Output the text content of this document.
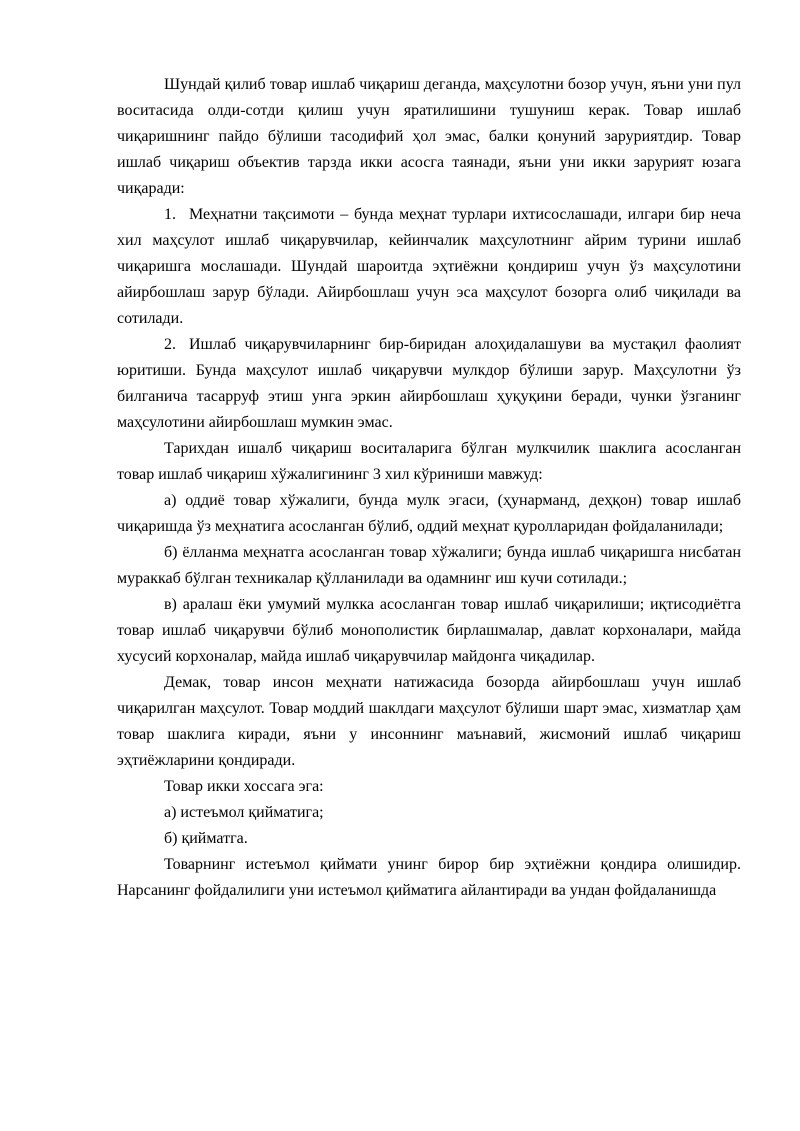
Шундай қилиб товар ишлаб чиқариш деганда, маҳсулотни бозор учун, яъни уни пул воситасида олди-сотди қилиш учун яратилишини тушуниш керак. Товар ишлаб чиқаришнинг пайдо бўлиши тасодифий ҳол эмас, балки қонуний заруриятдир. Товар ишлаб чиқариш объектив тарзда икки асосга таянади, яъни уни икки зарурият юзага чиқаради:

1. Меҳнатни тақсимоти – бунда меҳнат турлари ихтисослашади, илгари бир неча хил маҳсулот ишлаб чиқарувчилар, кейинчалик маҳсулотнинг айрим турини ишлаб чиқаришга мослашади. Шундай шароитда эҳтиёжни қондириш учун ўз маҳсулотини айирбошлаш зарур бўлади. Айирбошлаш учун эса маҳсулот бозорга олиб чиқилади ва сотилади.

2. Ишлаб чиқарувчиларнинг бир-биридан алоҳидалашуви ва мустақил фаолият юритиши. Бунда маҳсулот ишлаб чиқарувчи мулкдор бўлиши зарур. Маҳсулотни ўз билганича тасарруф этиш унга эркин айирбошлаш ҳуқуқини беради, чунки ўзганинг маҳсулотини айирбошлаш мумкин эмас.

Тарихдан ишалб чиқариш воситаларига бўлган мулкчилик шаклига асосланган товар ишлаб чиқариш хўжалигининг 3 хил кўриниши мавжуд:

а) оддиё товар хўжалиги, бунда мулк эгаси, (ҳунарманд, деҳқон) товар ишлаб чиқаришда ўз меҳнатига асосланган бўлиб, оддий меҳнат қуролларидан фойдаланилади;

б) ёлланма меҳнатга асосланган товар хўжалиги; бунда ишлаб чиқаришга нисбатан мураккаб бўлган техникалар қўлланилади ва одамнинг иш кучи сотилади.;

в) аралаш ёки умумий мулкка асосланган товар ишлаб чиқарилиши; иқтисодиётга товар ишлаб чиқарувчи бўлиб монополистик бирлашмалар, давлат корхоналари, майда хусусий корхоналар, майда ишлаб чиқарувчилар майдонга чиқадилар.

Демак, товар инсон меҳнати натижасида бозорда айирбошлаш учун ишлаб чиқарилган маҳсулот. Товар моддий шаклдаги маҳсулот бўлиши шарт эмас, хизматлар ҳам товар шаклига киради, яъни у инсоннинг маънавий, жисмоний ишлаб чиқариш эҳтиёжларини қондиради.

Товар икки хоссага эга:

а) истеъмол қийматига;

б) қийматга.

Товарнинг истеъмол қиймати унинг бирор бир эҳтиёжни қондира олишидир. Нарсанинг фойдалилиги уни истеъмол қийматига айлантиради ва ундан фойдаланишда
